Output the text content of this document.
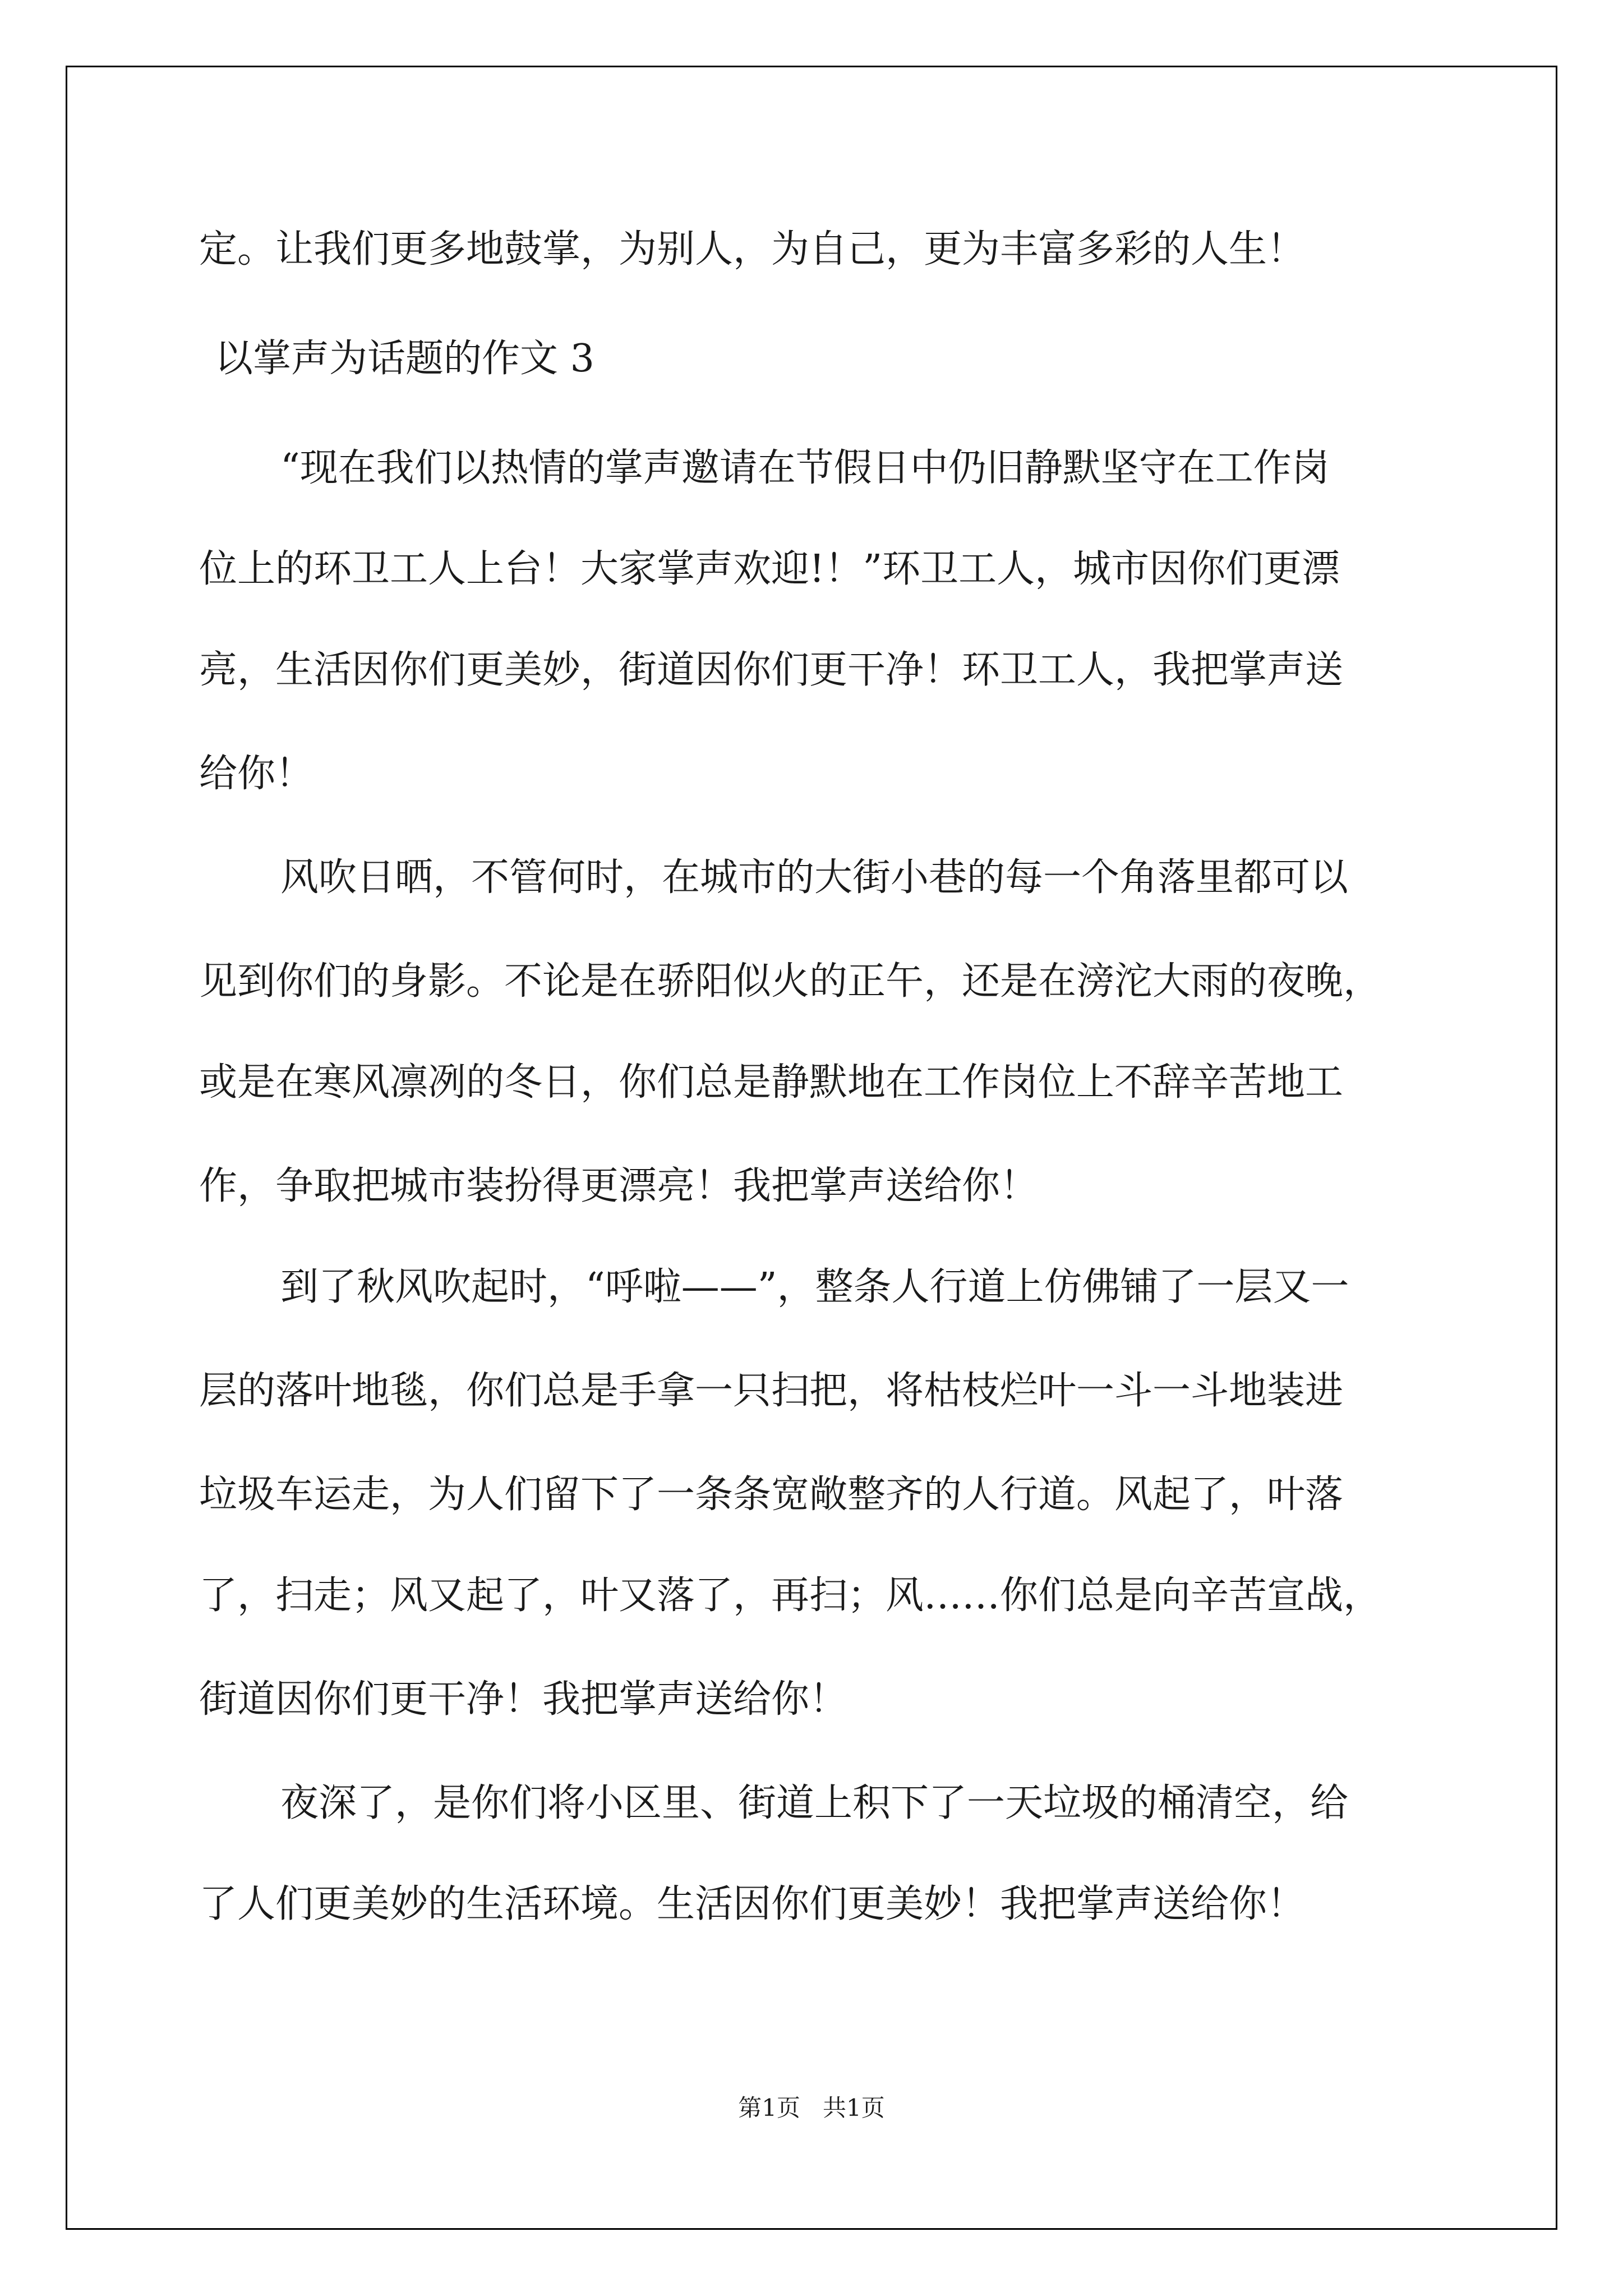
定。让我们更多地鼓掌，为别人，为自己，更为丰富多彩的人生！
以掌声为话题的作文 3
“现在我们以热情的掌声邀请在节假日中仍旧静默坚守在工作岗
位上的环卫工人上台！大家掌声欢迎!！”环卫工人，城市因你们更漂
亮，生活因你们更美妙，街道因你们更干净！环卫工人，我把掌声送
给你！
风吹日晒，不管何时，在城市的大街小巷的每一个角落里都可以
见到你们的身影。不论是在骄阳似火的正午，还是在滂沱大雨的夜晚，
或是在寒风凛冽的冬日，你们总是静默地在工作岗位上不辞辛苦地工
作，争取把城市装扮得更漂亮！我把掌声送给你！
到了秋风吹起时，“呼啦——”，整条人行道上仿佛铺了一层又一
层的落叶地毯，你们总是手拿一只扫把，将枯枝烂叶一斗一斗地装进
垃圾车运走，为人们留下了一条条宽敞整齐的人行道。风起了，叶落
了，扫走；风又起了，叶又落了，再扫；风……你们总是向辛苦宣战，
街道因你们更干净！我把掌声送给你！
夜深了，是你们将小区里、街道上积下了一天垃圾的桶清空，给
了人们更美妙的生活环境。生活因你们更美妙！我把掌声送给你！
第1页   共1页
